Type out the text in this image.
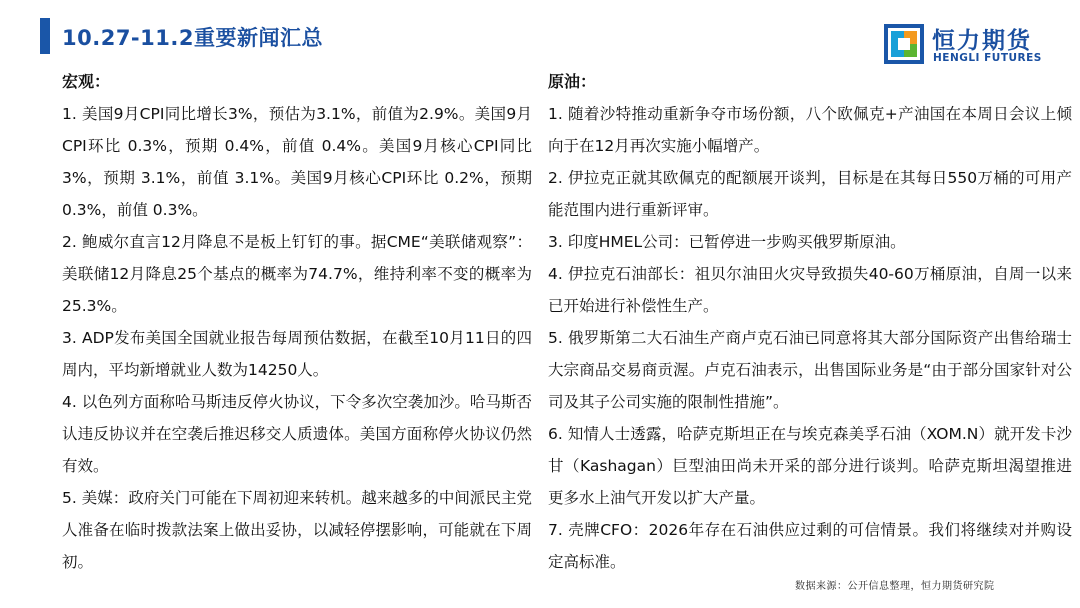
10.27-11.2重要新闻汇总	恒力期货
HENGLI FUTURES
宏观：

1. 美国9月CPI同比增长3%，预估为3.1%，前值为2.9%。美国9月CPI环比 0.3%，预期 0.4%，前值 0.4%。美国9月核心CPI同比 3%，预期 3.1%，前值 3.1%。美国9月核心CPI环比 0.2%，预期 0.3%，前值 0.3%。

2. 鲍威尔直言12月降息不是板上钉钉的事。据CME“美联储观察”：美联储12月降息25个基点的概率为74.7%，维持利率不变的概率为25.3%。

3. ADP发布美国全国就业报告每周预估数据，在截至10月11日的四周内，平均新增就业人数为14250人。

4. 以色列方面称哈马斯违反停火协议，下令多次空袭加沙。哈马斯否认违反协议并在空袭后推迟移交人质遗体。美国方面称停火协议仍然有效。

5. 美媒：政府关门可能在下周初迎来转机。越来越多的中间派民主党人准备在临时拨款法案上做出妥协，以减轻停摆影响，可能就在下周初。

原油：

1. 随着沙特推动重新争夺市场份额，八个欧佩克+产油国在本周日会议上倾向于在12月再次实施小幅增产。

2. 伊拉克正就其欧佩克的配额展开谈判，目标是在其每日550万桶的可用产能范围内进行重新评审。

3. 印度HMEL公司：已暂停进一步购买俄罗斯原油。

4. 伊拉克石油部长：祖贝尔油田火灾导致损失40-60万桶原油，自周一以来已开始进行补偿性生产。

5. 俄罗斯第二大石油生产商卢克石油已同意将其大部分国际资产出售给瑞士大宗商品交易商贡渥。卢克石油表示，出售国际业务是“由于部分国家针对公司及其子公司实施的限制性措施”。

6. 知情人士透露，哈萨克斯坦正在与埃克森美孚石油（XOM.N）就开发卡沙甘（Kashagan）巨型油田尚未开采的部分进行谈判。哈萨克斯坦渴望推进更多水上油气开发以扩大产量。

7. 壳牌CFO：2026年存在石油供应过剩的可信情景。我们将继续对并购设定高标准。

数据来源：公开信息整理，恒力期货研究院
